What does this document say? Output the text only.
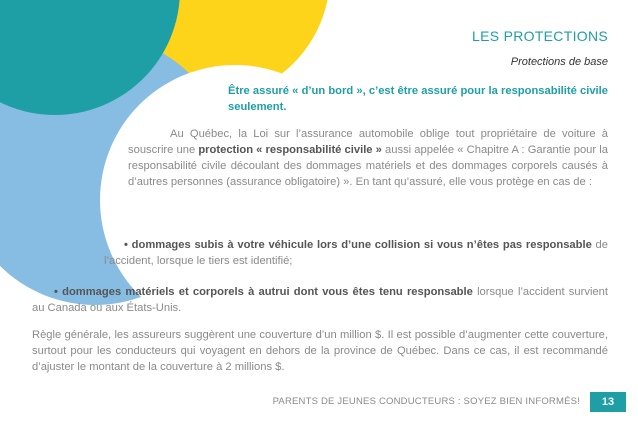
LES PROTECTIONS
Protections de base
Être assuré « d’un bord », c’est être assuré pour la responsabilité civile seulement.

Au Québec, la Loi sur l’assurance automobile oblige tout propriétaire de voiture à souscrire une protection « responsabilité civile » aussi appelée « Chapitre A : Garantie pour la responsabilité civile découlant des dommages matériels et des dommages corporels causés à d’autres personnes (assurance obligatoire) ». En tant qu’assuré, elle vous protège en cas de :

• dommages subis à votre véhicule lors d’une collision si vous n’êtes pas responsable de l’accident, lorsque le tiers est identifié;

• dommages matériels et corporels à autrui dont vous êtes tenu responsable lorsque l’accident survient au Canada ou aux États-Unis.

Règle générale, les assureurs suggèrent une couverture d’un million $. Il est possible d’augmenter cette couverture, surtout pour les conducteurs qui voyagent en dehors de la province de Québec. Dans ce cas, il est recommandé d’ajuster le montant de la couverture à 2 millions $.

PARENTS DE JEUNES CONDUCTEURS : SOYEZ BIEN INFORMÉS!	13
